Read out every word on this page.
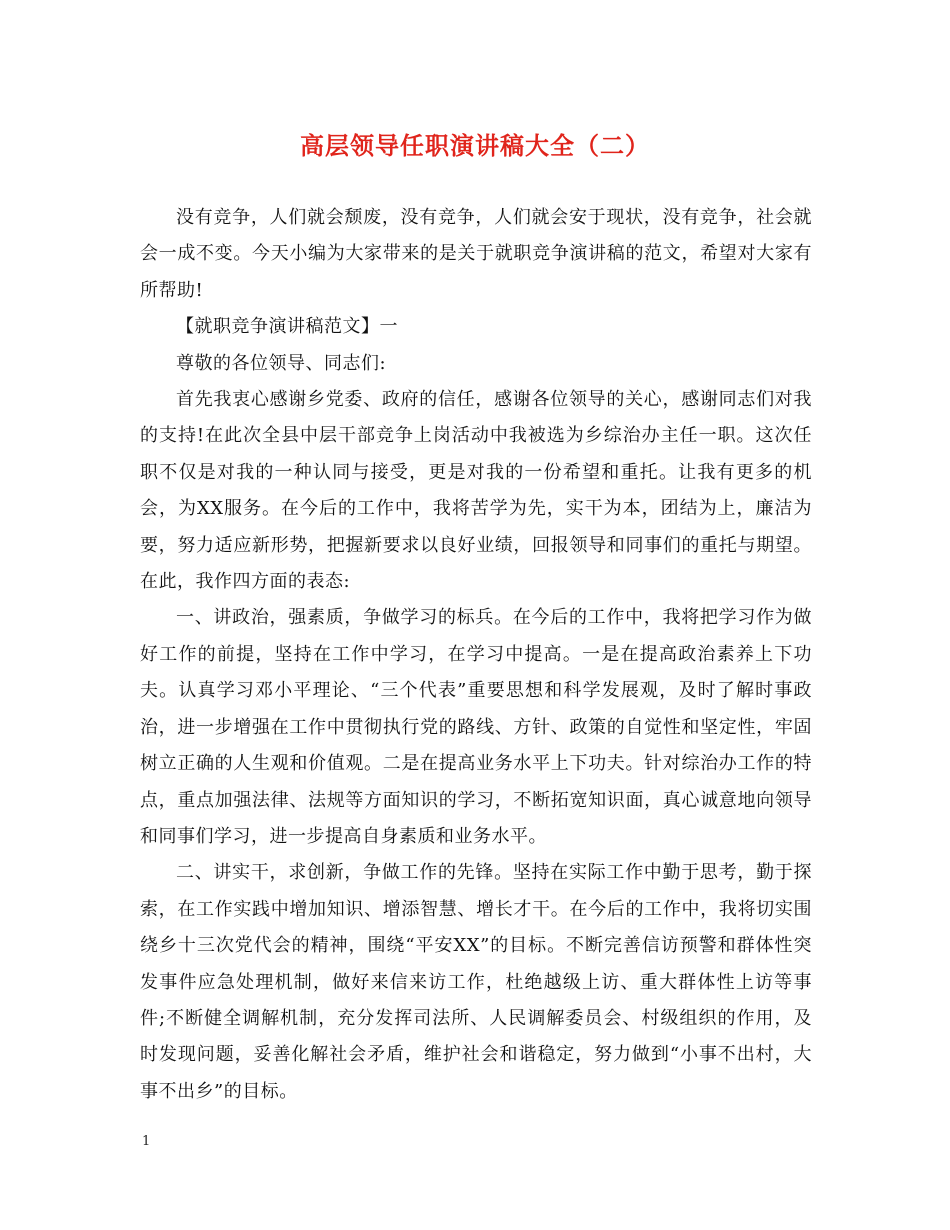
高层领导任职演讲稿大全（二）

没有竞争，人们就会颓废，没有竞争，人们就会安于现状，没有竞争，社会就会一成不变。今天小编为大家带来的是关于就职竞争演讲稿的范文，希望对大家有所帮助!

【就职竞争演讲稿范文】一

尊敬的各位领导、同志们:

首先我衷心感谢乡党委、政府的信任，感谢各位领导的关心，感谢同志们对我的支持!在此次全县中层干部竞争上岗活动中我被选为乡综治办主任一职。这次任职不仅是对我的一种认同与接受，更是对我的一份希望和重托。让我有更多的机会，为XX服务。在今后的工作中，我将苦学为先，实干为本，团结为上，廉洁为要，努力适应新形势，把握新要求以良好业绩，回报领导和同事们的重托与期望。在此，我作四方面的表态:

一、讲政治，强素质，争做学习的标兵。在今后的工作中，我将把学习作为做好工作的前提，坚持在工作中学习，在学习中提高。一是在提高政治素养上下功夫。认真学习邓小平理论、“三个代表”重要思想和科学发展观，及时了解时事政治，进一步增强在工作中贯彻执行党的路线、方针、政策的自觉性和坚定性，牢固树立正确的人生观和价值观。二是在提高业务水平上下功夫。针对综治办工作的特点，重点加强法律、法规等方面知识的学习，不断拓宽知识面，真心诚意地向领导和同事们学习，进一步提高自身素质和业务水平。

二、讲实干，求创新，争做工作的先锋。坚持在实际工作中勤于思考，勤于探索，在工作实践中增加知识、增添智慧、增长才干。在今后的工作中，我将切实围绕乡十三次党代会的精神，围绕“平安XX”的目标。不断完善信访预警和群体性突发事件应急处理机制，做好来信来访工作，杜绝越级上访、重大群体性上访等事件;不断健全调解机制，充分发挥司法所、人民调解委员会、村级组织的作用，及时发现问题，妥善化解社会矛盾，维护社会和谐稳定，努力做到“小事不出村，大事不出乡”的目标。

1
